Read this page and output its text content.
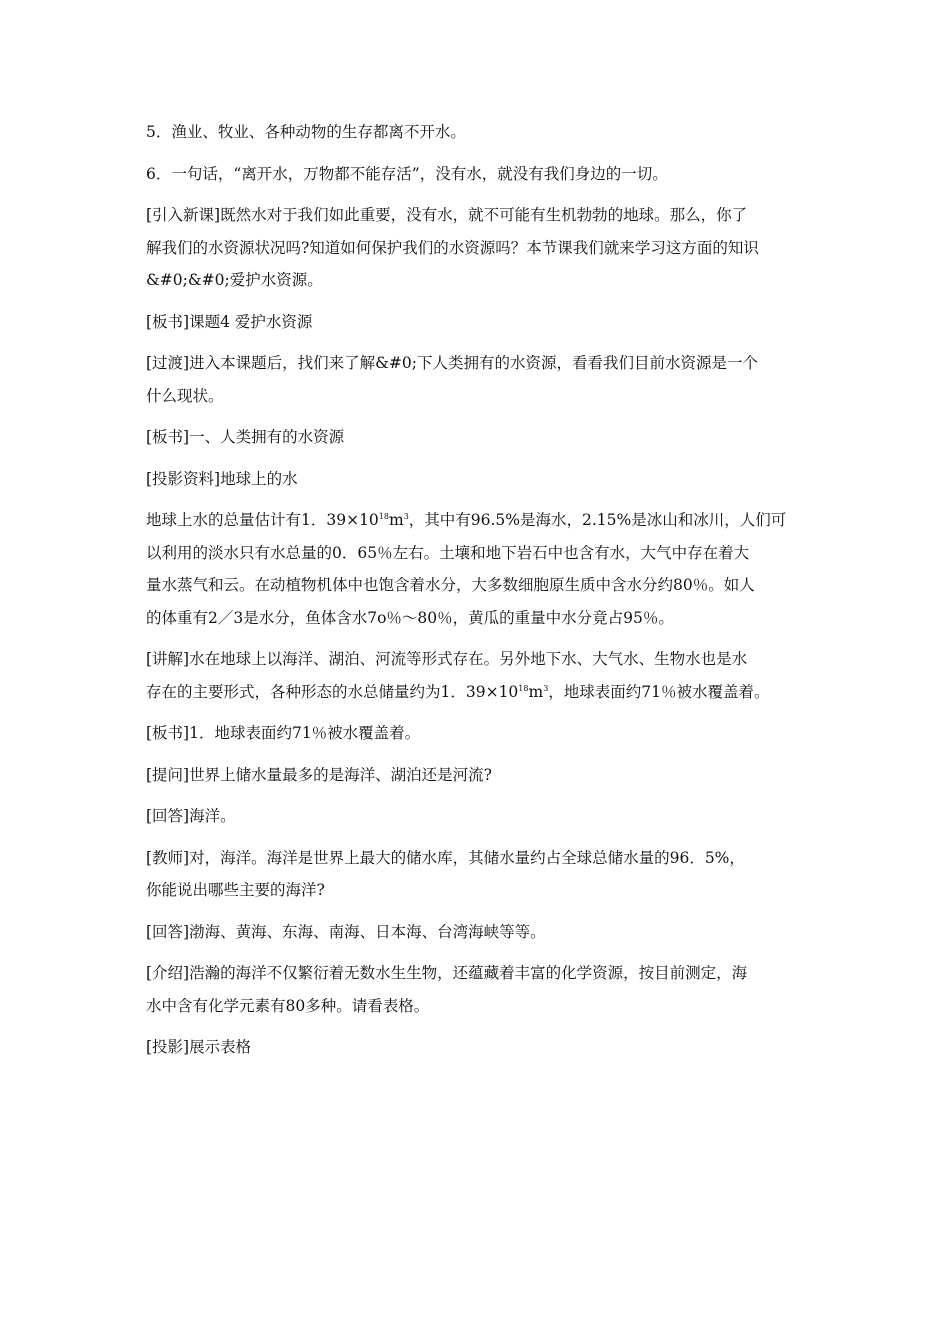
5．渔业、牧业、各种动物的生存都离不开水。

6．一句话，“离开水，万物都不能存活”，没有水，就没有我们身边的一切。

[引入新课]既然水对于我们如此重要，没有水，就不可能有生机勃勃的地球。那么，你了
解我们的水资源状况吗?知道如何保护我们的水资源吗？本节课我们就来学习这方面的知识
&#0;&#0;爱护水资源。

[板书]课题4 爱护水资源

[过渡]进入本课题后，找们来了解&#0;下人类拥有的水资源，看看我们目前水资源是一个
什么现状。

[板书]一、人类拥有的水资源

[投影资料]地球上的水

地球上水的总量估计有1．$39\times 10^{18}m^3$，其中有96.5%是海水，2.15%是冰山和冰川，人们可
以利用的淡水只有水总量的0．65％左右。土壤和地下岩石中也含有水，大气中存在着大
量水蒸气和云。在动植物机体中也饱含着水分，大多数细胞原生质中含水分约80％。如人
的体重有2／3是水分，鱼体含水7o％～80％，黄瓜的重量中水分竟占95％。

[讲解]水在地球上以海洋、湖泊、河流等形式存在。另外地下水、大气水、生物水也是水
存在的主要形式，各种形态的水总储量约为1．$39\times 10^{18}m^3$，地球表面约71％被水覆盖着。

[板书]1．地球表面约71％被水覆盖着。

[提问]世界上储水量最多的是海洋、湖泊还是河流?

[回答]海洋。

[教师]对，海洋。海洋是世界上最大的储水库，其储水量约占全球总储水量的96．5%，
你能说出哪些主要的海洋?

[回答]渤海、黄海、东海、南海、日本海、台湾海峡等等。

[介绍]浩瀚的海洋不仅繁衍着无数水生生物，还蕴藏着丰富的化学资源，按目前测定，海
水中含有化学元素有80多种。请看表格。

[投影]展示表格
